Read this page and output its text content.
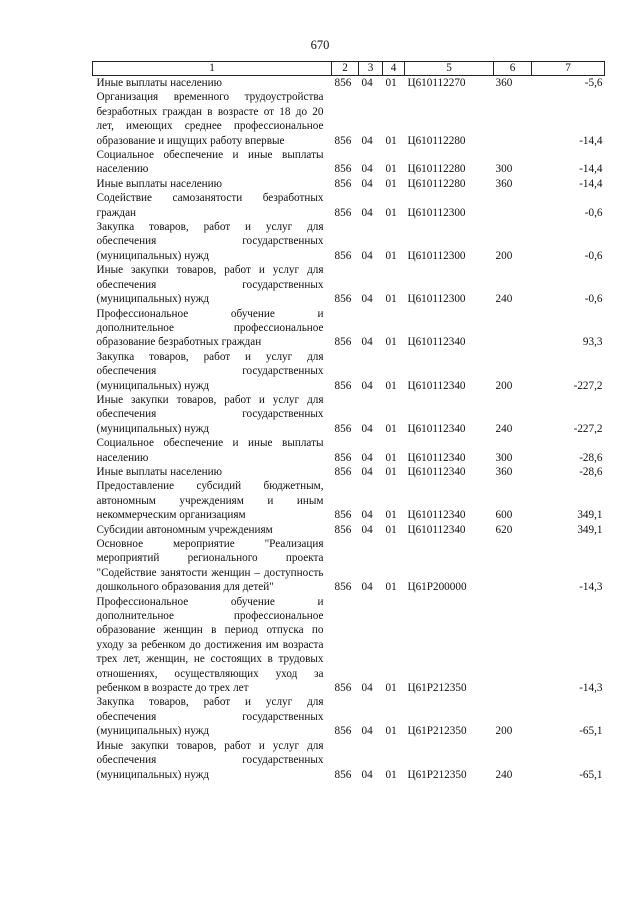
670
1	2	3	4	5	6	7
Иные выплаты населению	856	04	01	Ц610112270	360	-5,6
Организация временного трудоустройства безработных граждан в возрасте от 18 до 20 лет, имеющих среднее профессиональное образование и ищущих работу впервые	856	04	01	Ц610112280		-14,4
Социальное обеспечение и иные выплаты населению	856	04	01	Ц610112280	300	-14,4
Иные выплаты населению	856	04	01	Ц610112280	360	-14,4
Содействие самозанятости безработных граждан	856	04	01	Ц610112300		-0,6
Закупка товаров, работ и услуг для обеспечения государственных (муниципальных) нужд	856	04	01	Ц610112300	200	-0,6
Иные закупки товаров, работ и услуг для обеспечения государственных (муниципальных) нужд	856	04	01	Ц610112300	240	-0,6
Профессиональное обучение и дополнительное профессиональное образование безработных граждан	856	04	01	Ц610112340		93,3
Закупка товаров, работ и услуг для обеспечения государственных (муниципальных) нужд	856	04	01	Ц610112340	200	-227,2
Иные закупки товаров, работ и услуг для обеспечения государственных (муниципальных) нужд	856	04	01	Ц610112340	240	-227,2
Социальное обеспечение и иные выплаты населению	856	04	01	Ц610112340	300	-28,6
Иные выплаты населению	856	04	01	Ц610112340	360	-28,6
Предоставление субсидий бюджетным, автономным учреждениям и иным некоммерческим организациям	856	04	01	Ц610112340	600	349,1
Субсидии автономным учреждениям	856	04	01	Ц610112340	620	349,1
Основное мероприятие "Реализация мероприятий регионального проекта "Содействие занятости женщин – доступность дошкольного образования для детей"	856	04	01	Ц61P200000		-14,3
Профессиональное обучение и дополнительное профессиональное образование женщин в период отпуска по уходу за ребенком до достижения им возраста трех лет, женщин, не состоящих в трудовых отношениях, осуществляющих уход за ребенком в возрасте до трех лет	856	04	01	Ц61P212350		-14,3
Закупка товаров, работ и услуг для обеспечения государственных (муниципальных) нужд	856	04	01	Ц61P212350	200	-65,1
Иные закупки товаров, работ и услуг для обеспечения государственных (муниципальных) нужд	856	04	01	Ц61P212350	240	-65,1
